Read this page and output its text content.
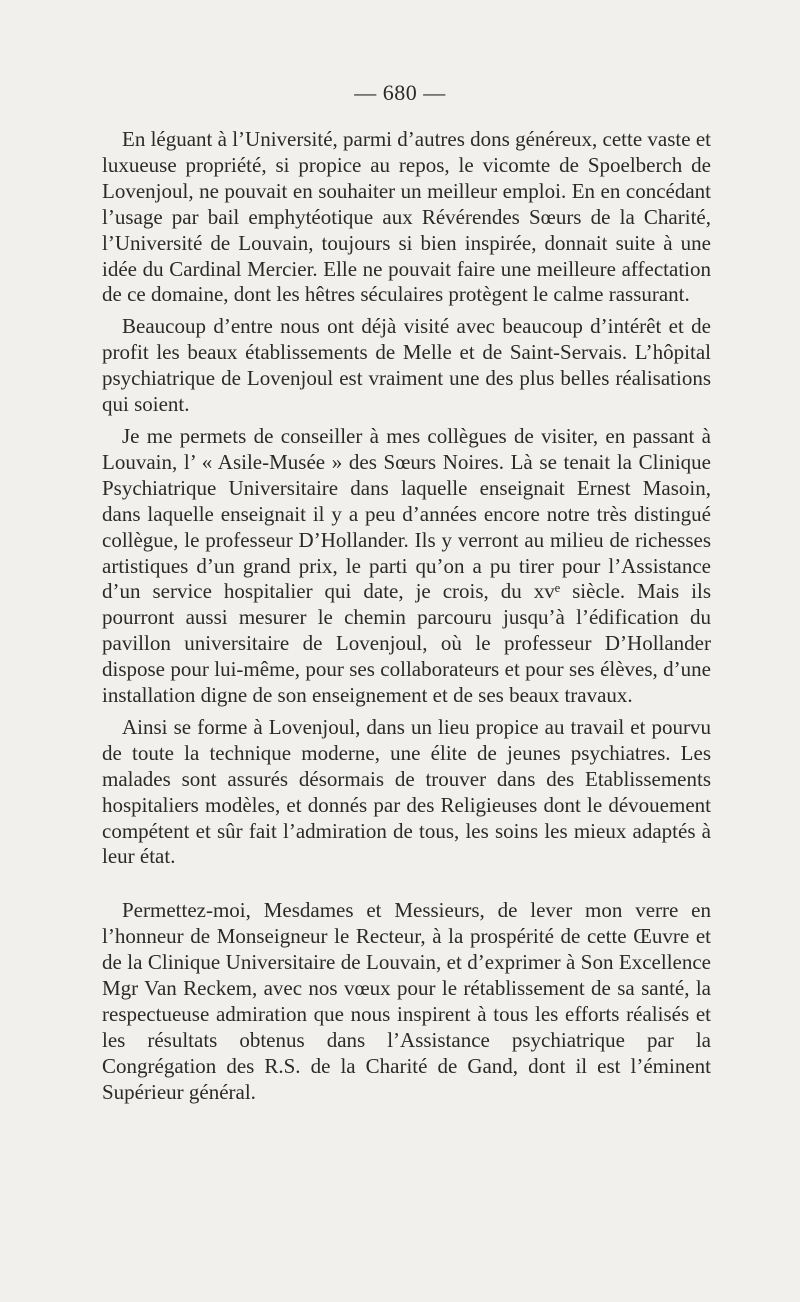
— 680 —

En léguant à l’Université, parmi d’autres dons généreux, cette vaste et luxueuse propriété, si propice au repos, le vicomte de Spoelberch de Lovenjoul, ne pouvait en souhaiter un meilleur emploi. En en concédant l’usage par bail emphytéotique aux Révérendes Sœurs de la Charité, l’Université de Louvain, toujours si bien inspirée, donnait suite à une idée du Cardinal Mercier. Elle ne pouvait faire une meilleure affectation de ce domaine, dont les hêtres séculaires protègent le calme rassurant.

Beaucoup d’entre nous ont déjà visité avec beaucoup d’intérêt et de profit les beaux établissements de Melle et de Saint-Servais. L’hôpital psychiatrique de Lovenjoul est vraiment une des plus belles réalisations qui soient.

Je me permets de conseiller à mes collègues de visiter, en passant à Louvain, l’ « Asile-Musée » des Sœurs Noires. Là se tenait la Clinique Psychiatrique Universitaire dans laquelle enseignait Ernest Masoin, dans laquelle enseignait il y a peu d’années encore notre très distingué collègue, le professeur D’Hollander. Ils y verront au milieu de richesses artistiques d’un grand prix, le parti qu’on a pu tirer pour l’Assistance d’un service hospitalier qui date, je crois, du xvᵉ siècle. Mais ils pourront aussi mesurer le chemin parcouru jusqu’à l’édification du pavillon universitaire de Lovenjoul, où le professeur D’Hollander dispose pour lui-même, pour ses collaborateurs et pour ses élèves, d’une installation digne de son enseignement et de ses beaux travaux.

Ainsi se forme à Lovenjoul, dans un lieu propice au travail et pourvu de toute la technique moderne, une élite de jeunes psychiatres. Les malades sont assurés désormais de trouver dans des Etablissements hospitaliers modèles, et donnés par des Religieuses dont le dévouement compétent et sûr fait l’admiration de tous, les soins les mieux adaptés à leur état.

Permettez-moi, Mesdames et Messieurs, de lever mon verre en l’honneur de Monseigneur le Recteur, à la prospérité de cette Œuvre et de la Clinique Universitaire de Louvain, et d’exprimer à Son Excellence Mgr Van Reckem, avec nos vœux pour le rétablissement de sa santé, la respectueuse admiration que nous inspirent à tous les efforts réalisés et les résultats obtenus dans l’Assistance psychiatrique par la Congrégation des R.S. de la Charité de Gand, dont il est l’éminent Supérieur général.
